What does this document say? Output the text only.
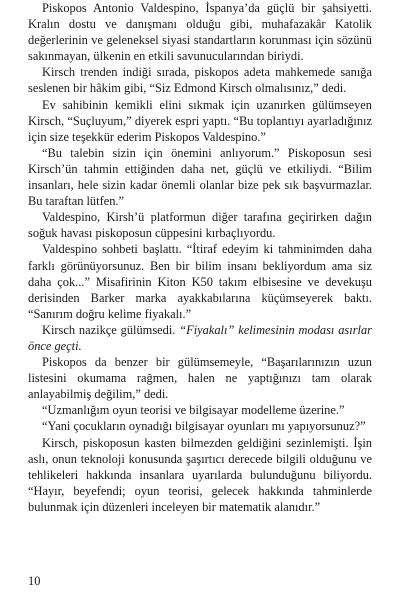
Piskopos Antonio Valdespino, İspanya’da güçlü bir şahsiyetti. Kralın dostu ve danışmanı olduğu gibi, muhafazakâr Katolik değerlerinin ve geleneksel siyasi standartların korunması için sözünü sakınmayan, ülkenin en etkili savunucularından biriydi.

Kirsch trenden indiği sırada, piskopos adeta mahkemede sanığa seslenen bir hâkim gibi, “Siz Edmond Kirsch olmalısınız,” dedi.

Ev sahibinin kemikli elini sıkmak için uzanırken gülümseyen Kirsch, “Suçluyum,” diyerek espri yaptı. “Bu toplantıyı ayarladığınız için size teşekkür ederim Piskopos Valdespino.”

“Bu talebin sizin için önemini anlıyorum.” Piskoposun sesi Kirsch’ün tahmin ettiğinden daha net, güçlü ve etkiliydi. “Bilim insanları, hele sizin kadar önemli olanlar bize pek sık başvurmazlar. Bu taraftan lütfen.”

Valdespino, Kirsh’ü platformun diğer tarafına geçirirken dağın soğuk havası piskoposun cüppesini kırbaçlıyordu.

Valdespino sohbeti başlattı. “İtiraf edeyim ki tahminimden daha farklı görünüyorsunuz. Ben bir bilim insanı bekliyordum ama siz daha çok...” Misafirinin Kiton K50 takım elbisesine ve devekuşu derisinden Barker marka ayakkabılarına küçümseyerek baktı. “Sanırım doğru kelime fiyakalı.”

Kirsch nazikçe gülümsedi. “Fiyakalı” kelimesinin modası asırlar önce geçti.

Piskopos da benzer bir gülümsemeyle, “Başarılarınızın uzun listesini okumama rağmen, halen ne yaptığınızı tam olarak anlayabilmiş değilim,” dedi.

“Uzmanlığım oyun teorisi ve bilgisayar modelleme üzerine.”

“Yani çocukların oynadığı bilgisayar oyunları mı yapıyorsunuz?”

Kirsch, piskoposun kasten bilmezden geldiğini sezinlemişti. İşin aslı, onun teknoloji konusunda şaşırtıcı derecede bilgili olduğunu ve tehlikeleri hakkında insanlara uyarılarda bulunduğunu biliyordu. “Hayır, beyefendi; oyun teorisi, gelecek hakkında tahminlerde bulunmak için düzenleri inceleyen bir matematik alanıdır.”

10
